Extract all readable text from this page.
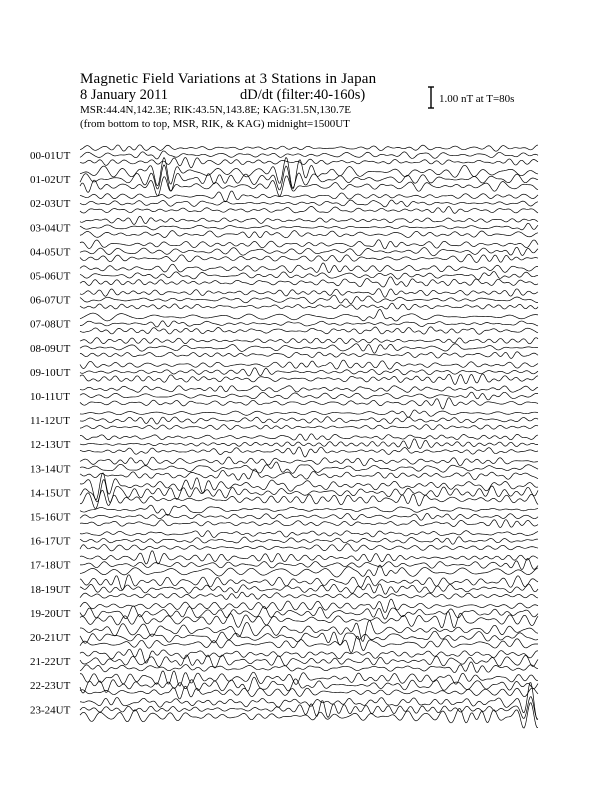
Magnetic Field Variations at 3 Stations in Japan
8 January 2011	dD/dt (filter:40-160s)
MSR:44.4N,142.3E; RIK:43.5N,143.8E; KAG:31.5N,130.7E
(from bottom to top, MSR, RIK, & KAG) midnight=1500UT
1.00 nT at T=80s
00-01UT
01-02UT
02-03UT
03-04UT
04-05UT
05-06UT
06-07UT
07-08UT
08-09UT
09-10UT
10-11UT
11-12UT
12-13UT
13-14UT
14-15UT
15-16UT
16-17UT
17-18UT
18-19UT
19-20UT
20-21UT
21-22UT
22-23UT
23-24UT
